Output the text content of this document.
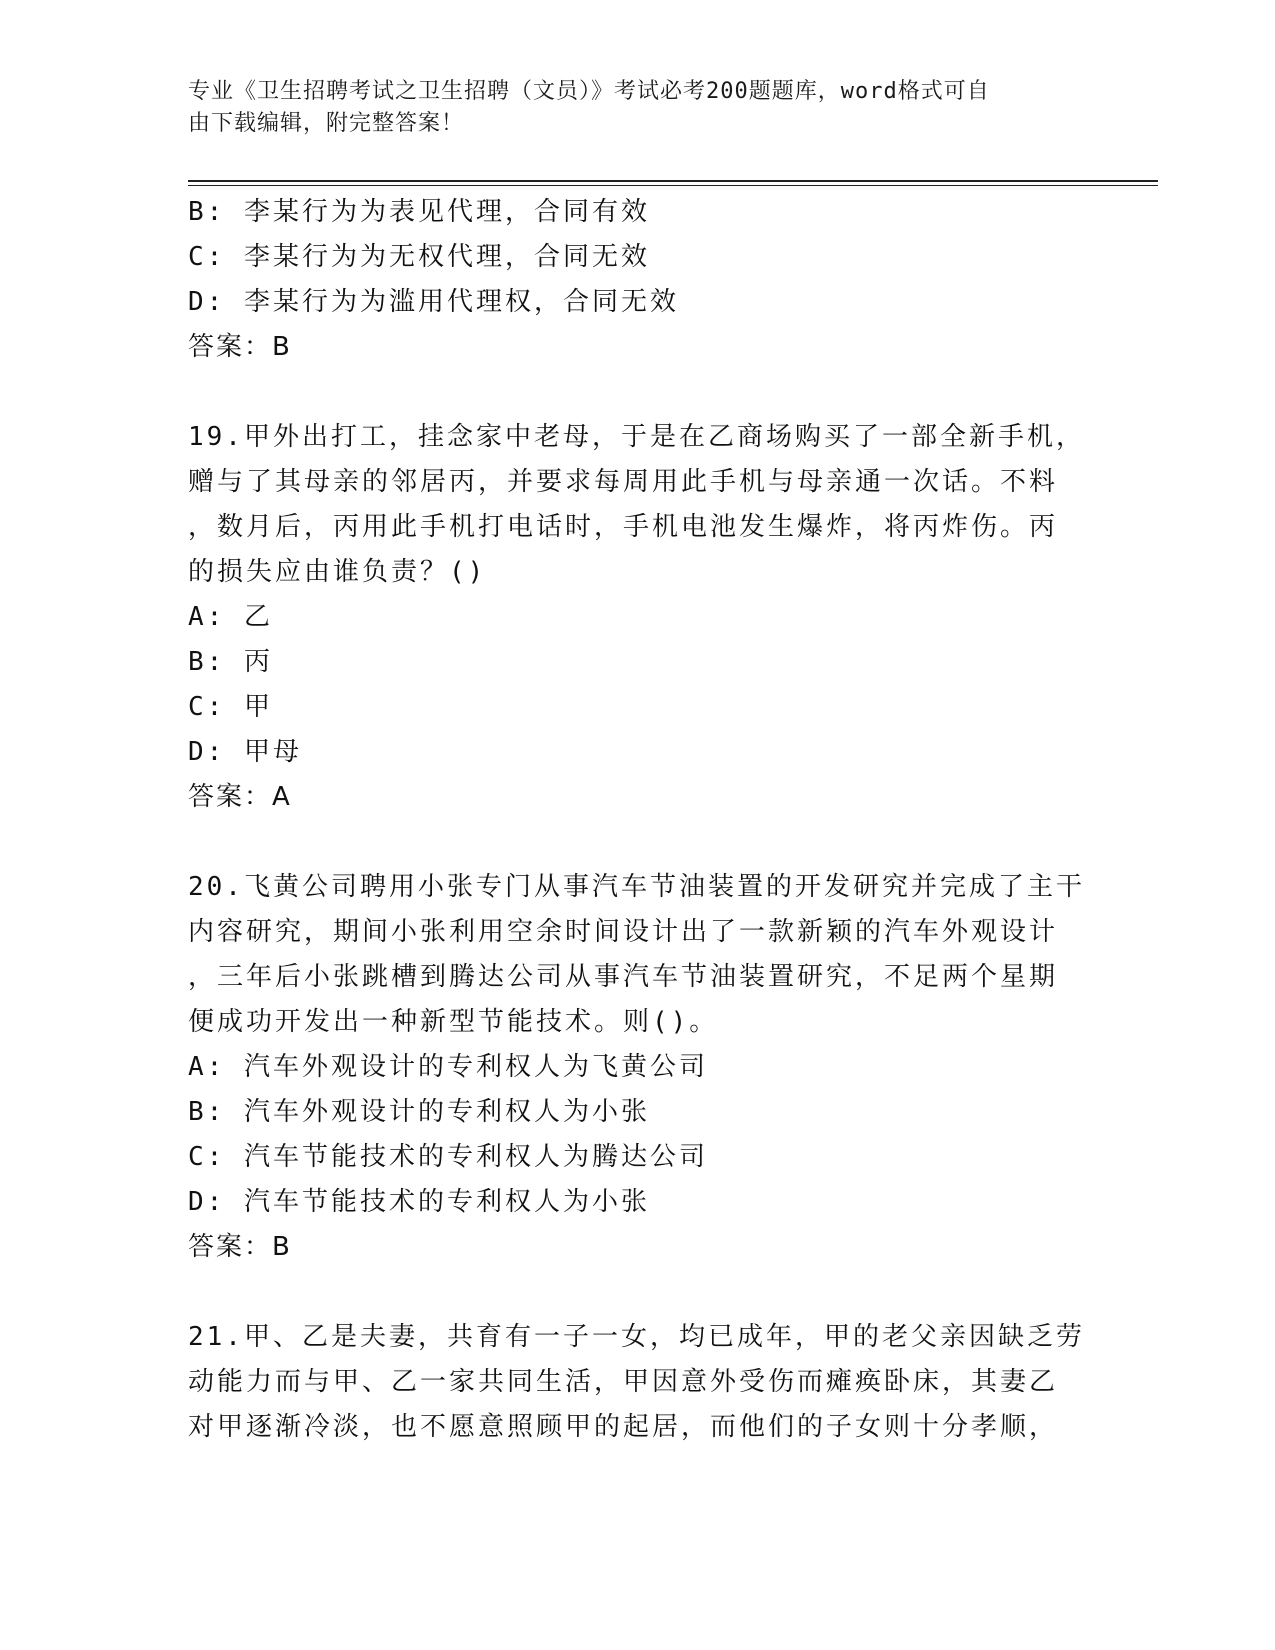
专业《卫生招聘考试之卫生招聘（文员）》考试必考200题题库，word格式可自
由下载编辑，附完整答案！
B: 李某行为为表见代理，合同有效
C: 李某行为为无权代理，合同无效
D: 李某行为为滥用代理权，合同无效
答案：B
19.甲外出打工，挂念家中老母，于是在乙商场购买了一部全新手机，
赠与了其母亲的邻居丙，并要求每周用此手机与母亲通一次话。不料
，数月后，丙用此手机打电话时，手机电池发生爆炸，将丙炸伤。丙
的损失应由谁负责？()
A: 乙
B: 丙
C: 甲
D: 甲母
答案：A
20.飞黄公司聘用小张专门从事汽车节油装置的开发研究并完成了主干
内容研究，期间小张利用空余时间设计出了一款新颖的汽车外观设计
，三年后小张跳槽到腾达公司从事汽车节油装置研究，不足两个星期
便成功开发出一种新型节能技术。则()。
A: 汽车外观设计的专利权人为飞黄公司
B: 汽车外观设计的专利权人为小张
C: 汽车节能技术的专利权人为腾达公司
D: 汽车节能技术的专利权人为小张
答案：B
21.甲、乙是夫妻，共育有一子一女，均已成年，甲的老父亲因缺乏劳
动能力而与甲、乙一家共同生活，甲因意外受伤而瘫痪卧床，其妻乙
对甲逐渐冷淡，也不愿意照顾甲的起居，而他们的子女则十分孝顺，
